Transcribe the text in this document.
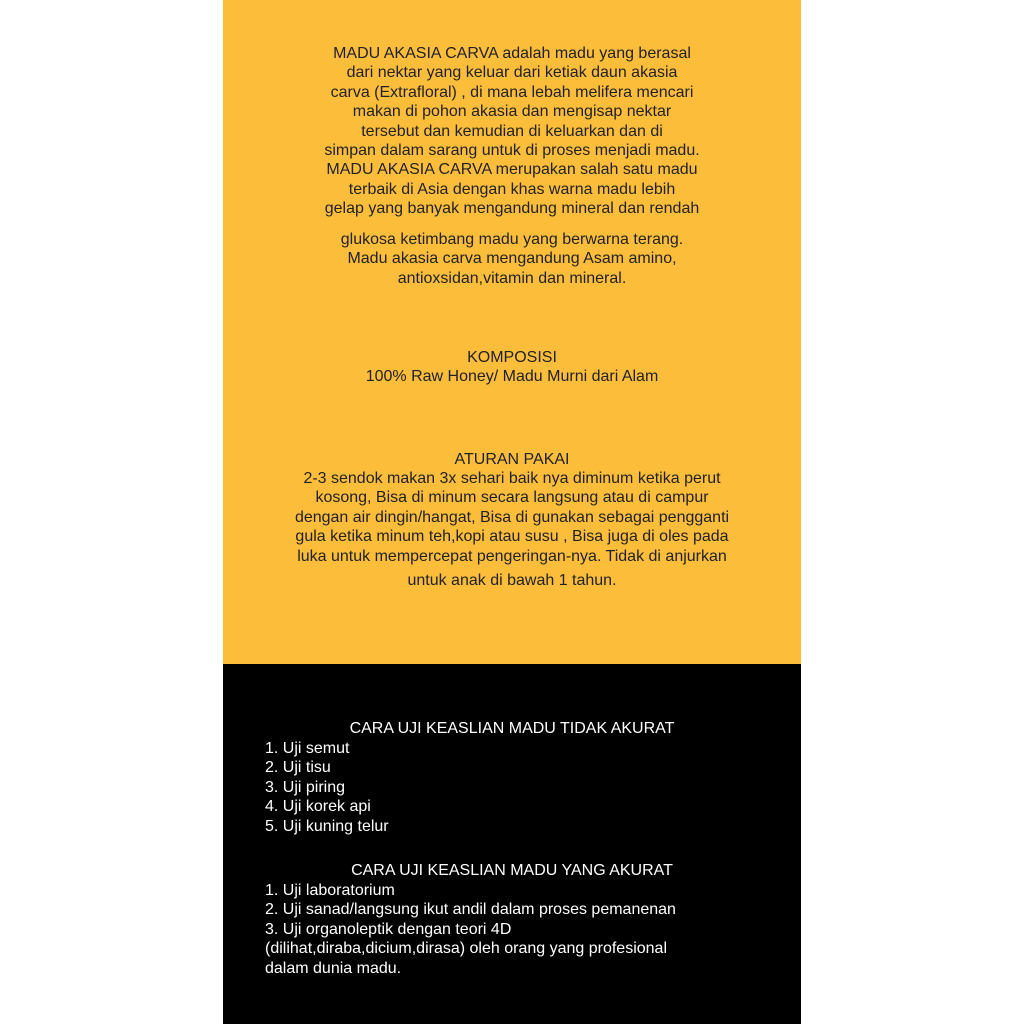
MADU AKASIA CARVA adalah madu yang berasal
dari nektar yang keluar dari ketiak daun akasia
carva (Extrafloral) , di mana lebah melifera mencari
makan di pohon akasia dan mengisap nektar
tersebut dan kemudian di keluarkan dan di
simpan dalam sarang untuk di proses menjadi madu.
MADU AKASIA CARVA merupakan salah satu madu
terbaik di Asia dengan khas warna madu lebih
gelap yang banyak mengandung mineral dan rendah
glukosa ketimbang madu yang berwarna terang.
Madu akasia carva mengandung Asam amino,
antioxsidan,vitamin dan mineral.
KOMPOSISI
100% Raw Honey/ Madu Murni dari Alam
ATURAN PAKAI
2-3 sendok makan 3x sehari baik nya diminum ketika perut
kosong, Bisa di minum secara langsung atau di campur
dengan air dingin/hangat, Bisa di gunakan sebagai pengganti
gula ketika minum teh,kopi atau susu , Bisa juga di oles pada
luka untuk mempercepat pengeringan-nya. Tidak di anjurkan
untuk anak di bawah 1 tahun.

CARA UJI KEASLIAN MADU TIDAK AKURAT

1. Uji semut
2. Uji tisu
3. Uji piring
4. Uji korek api
5. Uji kuning telur

CARA UJI KEASLIAN MADU YANG AKURAT

1. Uji laboratorium
2. Uji sanad/langsung ikut andil dalam proses pemanenan
3. Uji organoleptik dengan teori 4D
(dilihat,diraba,dicium,dirasa) oleh orang yang profesional
dalam dunia madu.
